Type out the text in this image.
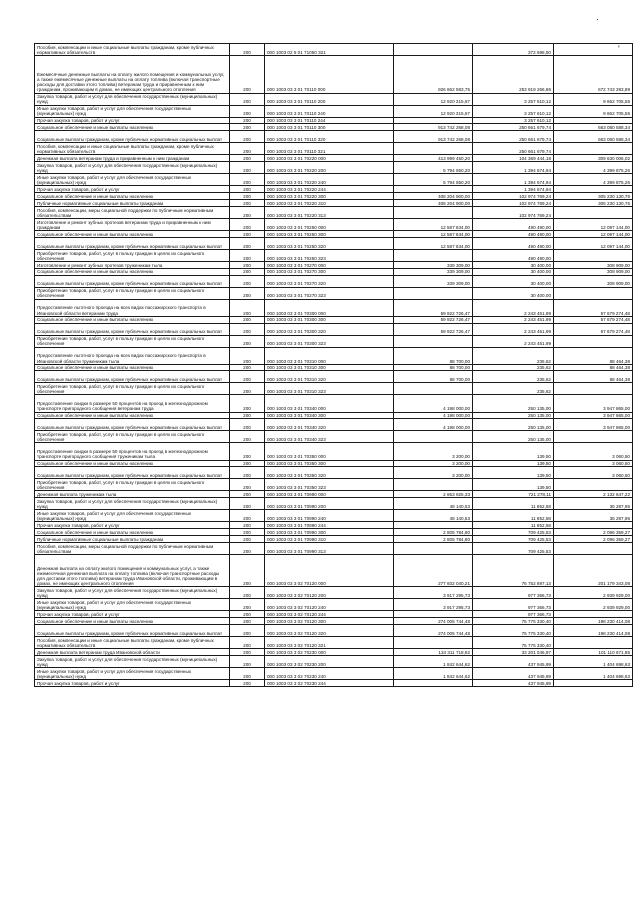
·
'
Пособия, компенсации и иные социальные выплаты гражданам, кроме публичных нормативных обязательств	200	000 1003 02 5 01 71050 321		372 698,50	
Ежемесячные денежные выплаты на оплату жилого помещения и коммунальных услуг, а также ежемесячные денежные выплаты на оплату топлива (включая транспортные расходы для доставки этого топлива) ветеранам труда и приравненным к ним гражданам, проживающим в домах, не имеющих центрального отопления	200	000 1003 03 3 01 70110 000	926 662 583,75	253 919 266,86	672 743 293,89
Закупка товаров, работ и услуг для обеспечения государственных (муниципальных) нужд	200	000 1003 03 3 01 70110 200	12 920 315,67	3 257 610,12	9 662 705,55
Иные закупки товаров, работ и услуг для обеспечения государственных (муниципальных) нужд	200	000 1003 03 3 01 70110 240	12 920 315,67	3 257 610,12	9 662 705,55
Прочая закупка товаров, работ и услуг	200	000 1003 03 3 01 70110 244		3 257 610,12	
Социальное обеспечение и иные выплаты населению	200	000 1003 03 3 01 70110 300	913 742 268,08	250 661 679,74	663 080 588,34
Социальные выплаты гражданам, кроме публичных нормативных социальных выплат	200	000 1003 03 3 01 70110 320	913 742 268,08	250 661 679,74	663 080 588,34
Пособия, компенсации и иные социальные выплаты гражданам, кроме публичных нормативных обязательств	200	000 1003 03 3 01 70110 321		250 661 679,74	
Денежная выплата ветеранам труда и приравненным к ним гражданам	200	000 1003 03 3 01 70220 000	413 999 450,20	104 369 444,18	309 630 006,02
Закупка товаров, работ и услуг для обеспечения государственных (муниципальных) нужд	200	000 1003 03 3 01 70220 200	5 794 550,20	1 394 674,94	4 399 875,26
Иные закупки товаров, работ и услуг для обеспечения государственных (муниципальных) нужд	200	000 1003 03 3 01 70220 240	5 794 550,20	1 394 674,94	4 399 875,26
Прочая закупка товаров, работ и услуг	200	000 1003 03 3 01 70220 244		1 394 674,94	
Социальное обеспечение и иные выплаты населению	200	000 1003 03 3 01 70220 300	408 204 900,00	102 974 769,24	305 230 130,76
Публичные нормативные социальные выплаты гражданам	200	000 1003 03 3 01 70220 310	408 204 900,00	102 974 769,24	305 230 130,76
Пособия, компенсации, меры социальной поддержки по публичным нормативным обязательствам	200	000 1003 03 3 01 70220 313		102 974 769,24	
Изготовление и ремонт зубных протезов ветеранам труда и приравненным к ним гражданам	200	000 1003 03 3 01 70250 000	12 587 634,00	490 490,00	12 097 144,00
Социальное обеспечение и иные выплаты населению	200	000 1003 03 3 01 70250 300	12 587 634,00	490 490,00	12 097 144,00
Социальные выплаты гражданам, кроме публичных нормативных социальных выплат	200	000 1003 03 3 01 70250 320	12 587 634,00	490 490,00	12 097 144,00
Приобретение товаров, работ, услуг в пользу граждан в целях их социального обеспечения	200	000 1003 03 3 01 70250 323		490 490,00	
Изготовление и ремонт зубных протезов труженикам тыла	200	000 1003 03 3 01 70270 000	339 309,00	30 400,00	308 909,00
Социальное обеспечение и иные выплаты населению	200	000 1003 03 3 01 70270 300	339 309,00	30 400,00	308 909,00
Социальные выплаты гражданам, кроме публичных нормативных социальных выплат	200	000 1003 03 3 01 70270 320	339 309,00	30 400,00	308 909,00
Приобретение товаров, работ, услуг в пользу граждан в целях их социального обеспечения	200	000 1003 03 3 01 70270 323		30 400,00	
Предоставление льготного проезда на всех видах пассажирского транспорта в Ивановской области ветеранам труда	200	000 1003 03 3 01 70300 000	59 922 726,47	2 243 451,99	57 679 274,48
Социальное обеспечение и иные выплаты населению	200	000 1003 03 3 01 70300 300	59 922 726,47	2 243 451,99	57 679 274,48
Социальные выплаты гражданам, кроме публичных нормативных социальных выплат	200	000 1003 03 3 01 70300 320	59 922 726,47	2 243 451,99	57 679 274,48
Приобретение товаров, работ, услуг в пользу граждан в целях их социального обеспечения	200	000 1003 03 3 01 70300 323		2 243 451,99	
Предоставление льготного проезда на всех видах пассажирского транспорта в Ивановской области труженикам тыла	200	000 1003 03 3 01 70310 000	88 700,00	235,62	88 464,38
Социальное обеспечение и иные выплаты населению	200	000 1003 03 3 01 70310 300	88 700,00	235,62	88 464,38
Социальные выплаты гражданам, кроме публичных нормативных социальных выплат	200	000 1003 03 3 01 70310 320	88 700,00	235,62	88 464,38
Приобретение товаров, работ, услуг в пользу граждан в целях их социального обеспечения	200	000 1003 03 3 01 70310 323		235,62	
Предоставление скидки в размере 50 процентов на проезд в железнодорожном транспорте пригородного сообщения ветеранам труда	200	000 1003 03 3 01 70340 000	4 198 000,00	250 135,00	3 947 865,00
Социальное обеспечение и иные выплаты населению	200	000 1003 03 3 01 70340 300	4 198 000,00	250 135,00	3 947 865,00
Социальные выплаты гражданам, кроме публичных нормативных социальных выплат	200	000 1003 03 3 01 70340 320	4 198 000,00	250 135,00	3 947 865,00
Приобретение товаров, работ, услуг в пользу граждан в целях их социального обеспечения	200	000 1003 03 3 01 70340 323		250 135,00	
Предоставление скидки в размере 50 процентов на проезд в железнодорожном транспорте пригородного сообщения труженикам тыла	200	000 1003 03 3 01 70350 000	3 200,00	139,50	3 060,50
Социальное обеспечение и иные выплаты населению	200	000 1003 03 3 01 70350 300	3 200,00	139,50	3 060,50
Социальные выплаты гражданам, кроме публичных нормативных социальных выплат	200	000 1003 03 3 01 70350 320	3 200,00	139,50	3 060,50
Приобретение товаров, работ, услуг в пользу граждан в целях их социального обеспечения	200	000 1003 03 3 01 70350 323		139,50	
Денежная выплата труженикам тыла	200	000 1003 03 3 01 70990 000	2 853 925,33	721 278,11	2 132 647,22
Закупка товаров, работ и услуг для обеспечения государственных (муниципальных) нужд	200	000 1003 03 3 01 70990 200	48 140,53	11 852,58	36 287,95
Иные закупки товаров, работ и услуг для обеспечения государственных (муниципальных) нужд	200	000 1003 03 3 01 70990 240	48 140,53	11 852,58	36 287,95
Прочая закупка товаров, работ и услуг	200	000 1003 03 3 01 70990 244		11 852,58	
Социальное обеспечение и иные выплаты населению	200	000 1003 03 3 01 70990 300	2 805 784,80	709 425,53	2 096 359,27
Публичные нормативные социальные выплаты гражданам	200	000 1003 03 3 01 70990 310	2 805 784,80	709 425,53	2 096 359,27
Пособия, компенсации, меры социальной поддержки по публичным нормативным обязательствам	200	000 1003 03 3 01 70990 313		709 425,53	
Денежная выплата на оплату жилого помещения и коммунальных услуг, а также ежемесячная денежная выплата на оплату топлива (включая транспортные расходы для доставки этого топлива) ветеранам труда Ивановской области, проживающим в домах, не имеющих центрального отопления	200	000 1003 03 3 02 70120 000	277 932 040,21	76 752 697,13	201 179 343,08
Закупка товаров, работ и услуг для обеспечения государственных (муниципальных) нужд	200	000 1003 03 3 02 70120 200	3 917 295,73	977 366,73	2 939 929,00
Иные закупки товаров, работ и услуг для обеспечения государственных (муниципальных) нужд	200	000 1003 03 3 02 70120 240	3 917 295,73	977 366,73	2 939 929,00
Прочая закупка товаров, работ и услуг	200	000 1003 03 3 02 70120 244		977 366,73	
Социальное обеспечение и иные выплаты населению	200	000 1003 03 3 02 70120 300	274 005 744,48	75 775 330,40	198 230 414,08
Социальные выплаты гражданам, кроме публичных нормативных социальных выплат	200	000 1003 03 3 02 70120 320	274 005 744,48	75 775 330,40	198 230 414,08
Пособия, компенсации и иные социальные выплаты гражданам, кроме публичных нормативных обязательств	200	000 1003 03 3 02 70120 321		75 775 330,40	
Денежная выплата ветеранам труда Ивановской области	200	000 1003 03 3 02 70230 000	134 311 718,82	33 201 046,97	101 110 671,85
Закупка товаров, работ и услуг для обеспечения государственных (муниципальных) нужд	200	000 1003 03 3 02 70230 200	1 842 644,62	437 945,99	1 404 698,63
Иные закупки товаров, работ и услуг для обеспечения государственных (муниципальных) нужд	200	000 1003 03 3 02 70230 240	1 842 644,62	437 945,99	1 404 698,63
Прочая закупка товаров, работ и услуг	200	000 1003 03 3 02 70230 244		437 945,99	
